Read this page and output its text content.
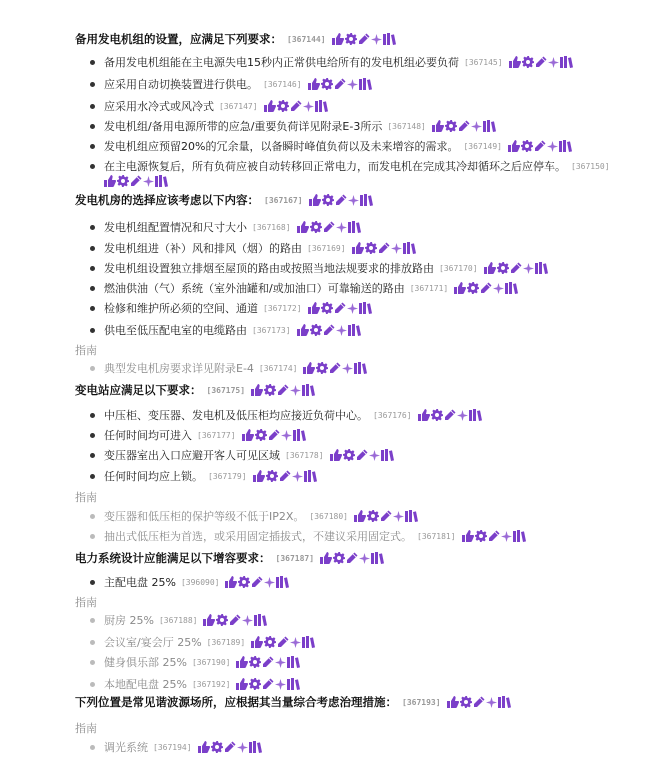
备用发电机组的设置，应满足下列要求： [367144]
备用发电机组能在主电源失电15秒内正常供电给所有的发电机组必要负荷 [367145]
应采用自动切换装置进行供电。 [367146]
应采用水冷式或风冷式 [367147]
发电机组/备用电源所带的应急/重要负荷详见附录E-3所示 [367148]
发电机组应预留20%的冗余量，以备瞬时峰值负荷以及未来增容的需求。 [367149]
在主电源恢复后，所有负荷应被自动转移回正常电力，而发电机在完成其冷却循环之后应停车。 [367150]
发电机房的选择应该考虑以下内容： [367167]
发电机组配置情况和尺寸大小 [367168]
发电机组进（补）风和排风（烟）的路由 [367169]
发电机组设置独立排烟至屋顶的路由或按照当地法规要求的排放路由 [367170]
燃油供油（气）系统（室外油罐和/或加油口）可靠输送的路由 [367171]
检修和维护所必须的空间、通道 [367172]
供电至低压配电室的电缆路由 [367173]
指南
典型发电机房要求详见附录E-4 [367174]
变电站应满足以下要求： [367175]
中压柜、变压器、发电机及低压柜均应接近负荷中心。 [367176]
任何时间均可进入 [367177]
变压器室出入口应避开客人可见区域 [367178]
任何时间均应上锁。 [367179]
指南
变压器和低压柜的保护等级不低于IP2X。 [367180]
抽出式低压柜为首选，或采用固定插拔式，不建议采用固定式。 [367181]
电力系统设计应能满足以下增容要求： [367187]
主配电盘 25% [396090]
指南
厨房 25% [367188]
会议室/宴会厅 25% [367189]
健身俱乐部 25% [367190]
本地配电盘 25% [367192]
下列位置是常见谐波源场所，应根据其当量综合考虑治理措施： [367193]
指南
调光系统 [367194]
